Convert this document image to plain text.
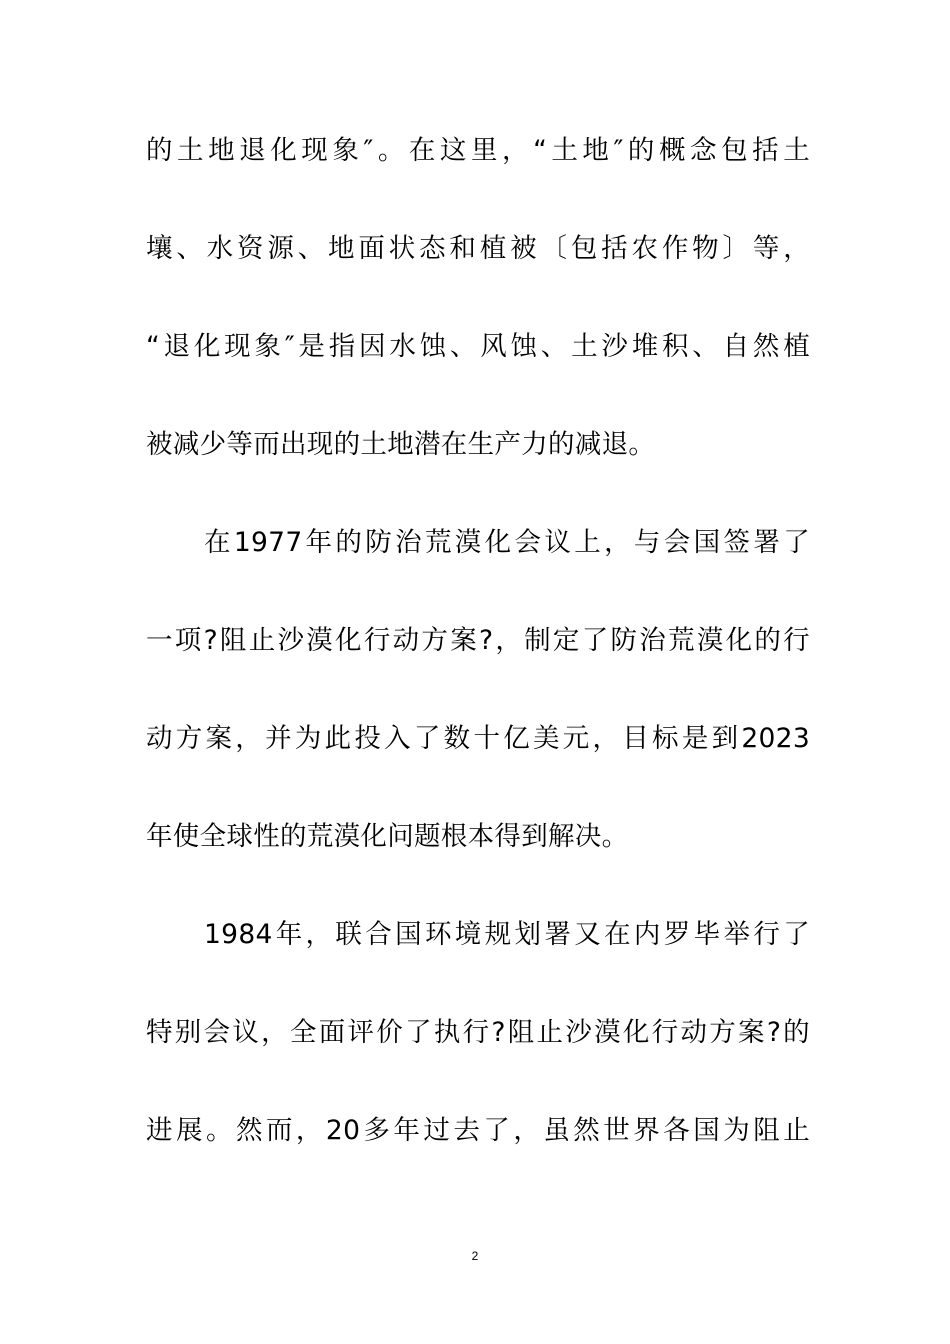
的土地退化现象″。在这里，“土地″的概念包括土
壤、水资源、地面状态和植被〔包括农作物〕等，
“退化现象″是指因水蚀、风蚀、土沙堆积、自然植
被减少等而出现的土地潜在生产力的减退。
在1977年的防治荒漠化会议上，与会国签署了
一项?阻止沙漠化行动方案?，制定了防治荒漠化的行
动方案，并为此投入了数十亿美元，目标是到2023
年使全球性的荒漠化问题根本得到解决。
1984年，联合国环境规划署又在内罗毕举行了
特别会议，全面评价了执行?阻止沙漠化行动方案?的
进展。然而，20多年过去了，虽然世界各国为阻止
2
